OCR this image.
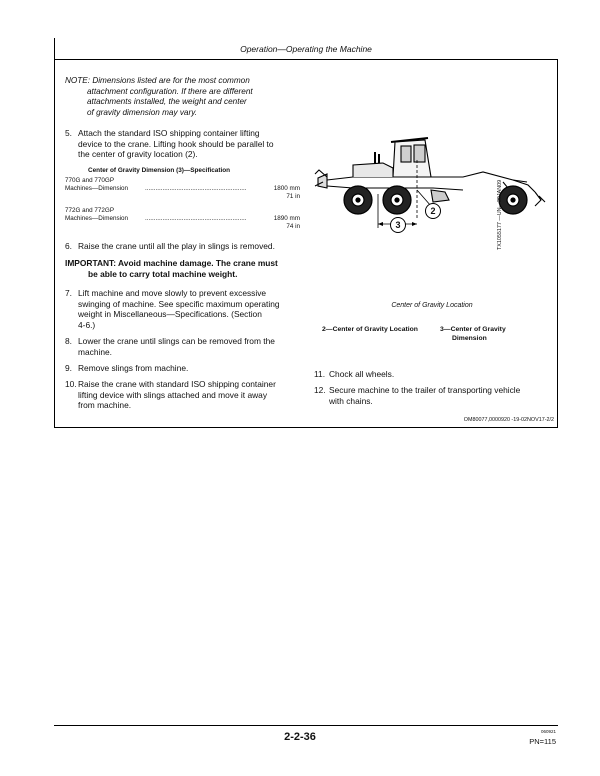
Operation—Operating the Machine
NOTE: Dimensions listed are for the most common
attachment configuration. If there are different
attachments installed, the weight and center
of gravity dimension may vary.
5. Attach the standard ISO shipping container lifting
device to the crane. Lifting hook should be parallel to
the center of gravity location (2).
Center of Gravity Dimension (3)—Specification
770G and 770GP
Machines—Dimension	..........................................................	1800 mm
71 in
772G and 772GP
Machines—Dimension	..........................................................	1890 mm
74 in
6. Raise the crane until all the play in slings is removed.
IMPORTANT: Avoid machine damage. The crane must
be able to carry total machine weight.
7. Lift machine and move slowly to prevent excessive
swinging of machine. See specific maximum operating
weight in Miscellaneous—Specifications. (Section
4-6.)
8. Lower the crane until slings can be removed from the
machine.
9. Remove slings from machine.
10. Raise the crane with standard ISO shipping container
lifting device with slings attached and move it away
from machine.
2
3	TX1055177 —UN—29JAN09
Center of Gravity Location
2—Center of Gravity Location	3—Center of Gravity
Dimension
11. Chock all wheels.
12. Secure machine to the trailer of transporting vehicle
with chains.
OM80077,0000920 -19-02NOV17-2/2
2-2-36	060921
PN=115
